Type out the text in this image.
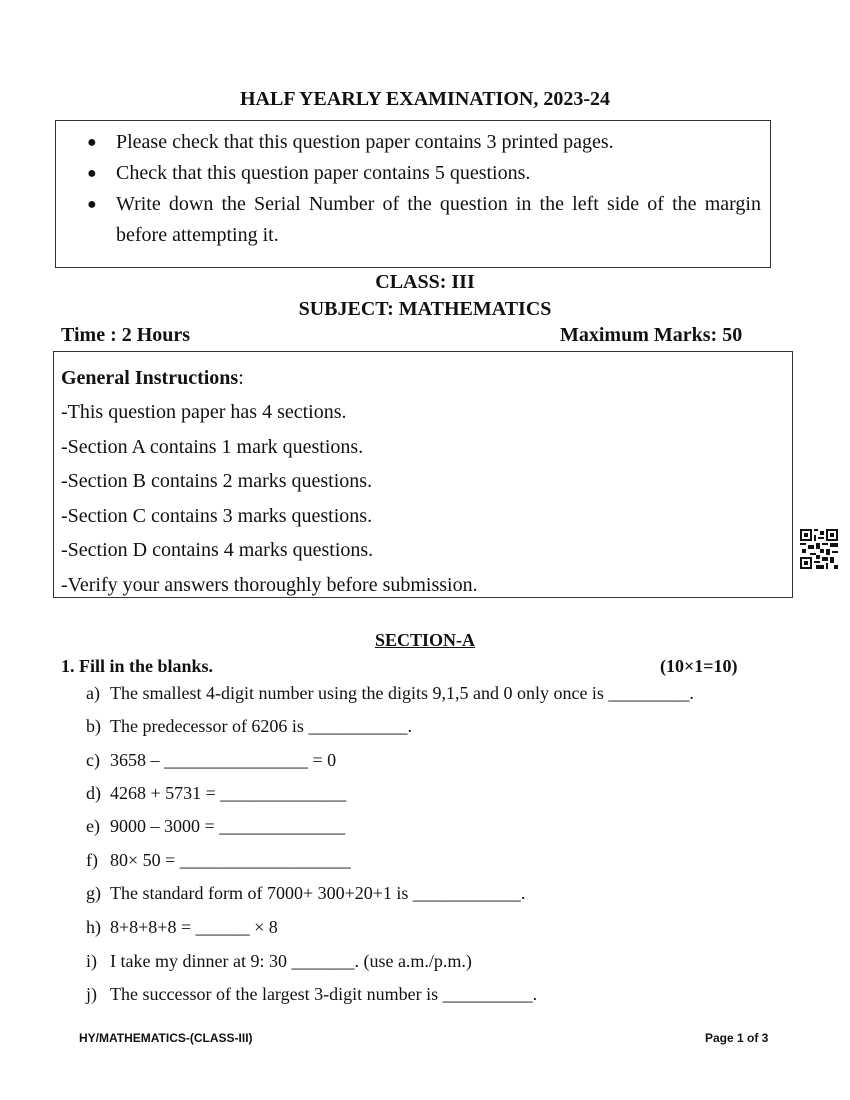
HALF YEARLY EXAMINATION, 2023-24
● Please check that this question paper contains 3 printed pages.
● Check that this question paper contains 5 questions.
● Write down the Serial Number of the question in the left side of the margin before attempting it.
CLASS: III
SUBJECT: MATHEMATICS
Time : 2 Hours	Maximum Marks: 50
General Instructions:
-This question paper has 4 sections.
-Section A contains 1 mark questions.
-Section B contains 2 marks questions.
-Section C contains 3 marks questions.
-Section D contains 4 marks questions.
-Verify your answers thoroughly before submission.
SECTION-A
1. Fill in the blanks.	(10×1=10)
a) The smallest 4-digit number using the digits 9,1,5 and 0 only once is _________.
b) The predecessor of 6206 is ___________.
c) 3658 – ________________ = 0
d) 4268 + 5731 = ______________
e) 9000 – 3000 = ______________
f) 80× 50 = ___________________
g) The standard form of 7000+ 300+20+1 is ____________.
h) 8+8+8+8 = ______ × 8
i) I take my dinner at 9: 30 _______. (use a.m./p.m.)
j) The successor of the largest 3-digit number is __________.
HY/MATHEMATICS-(CLASS-III)	Page 1 of 3
